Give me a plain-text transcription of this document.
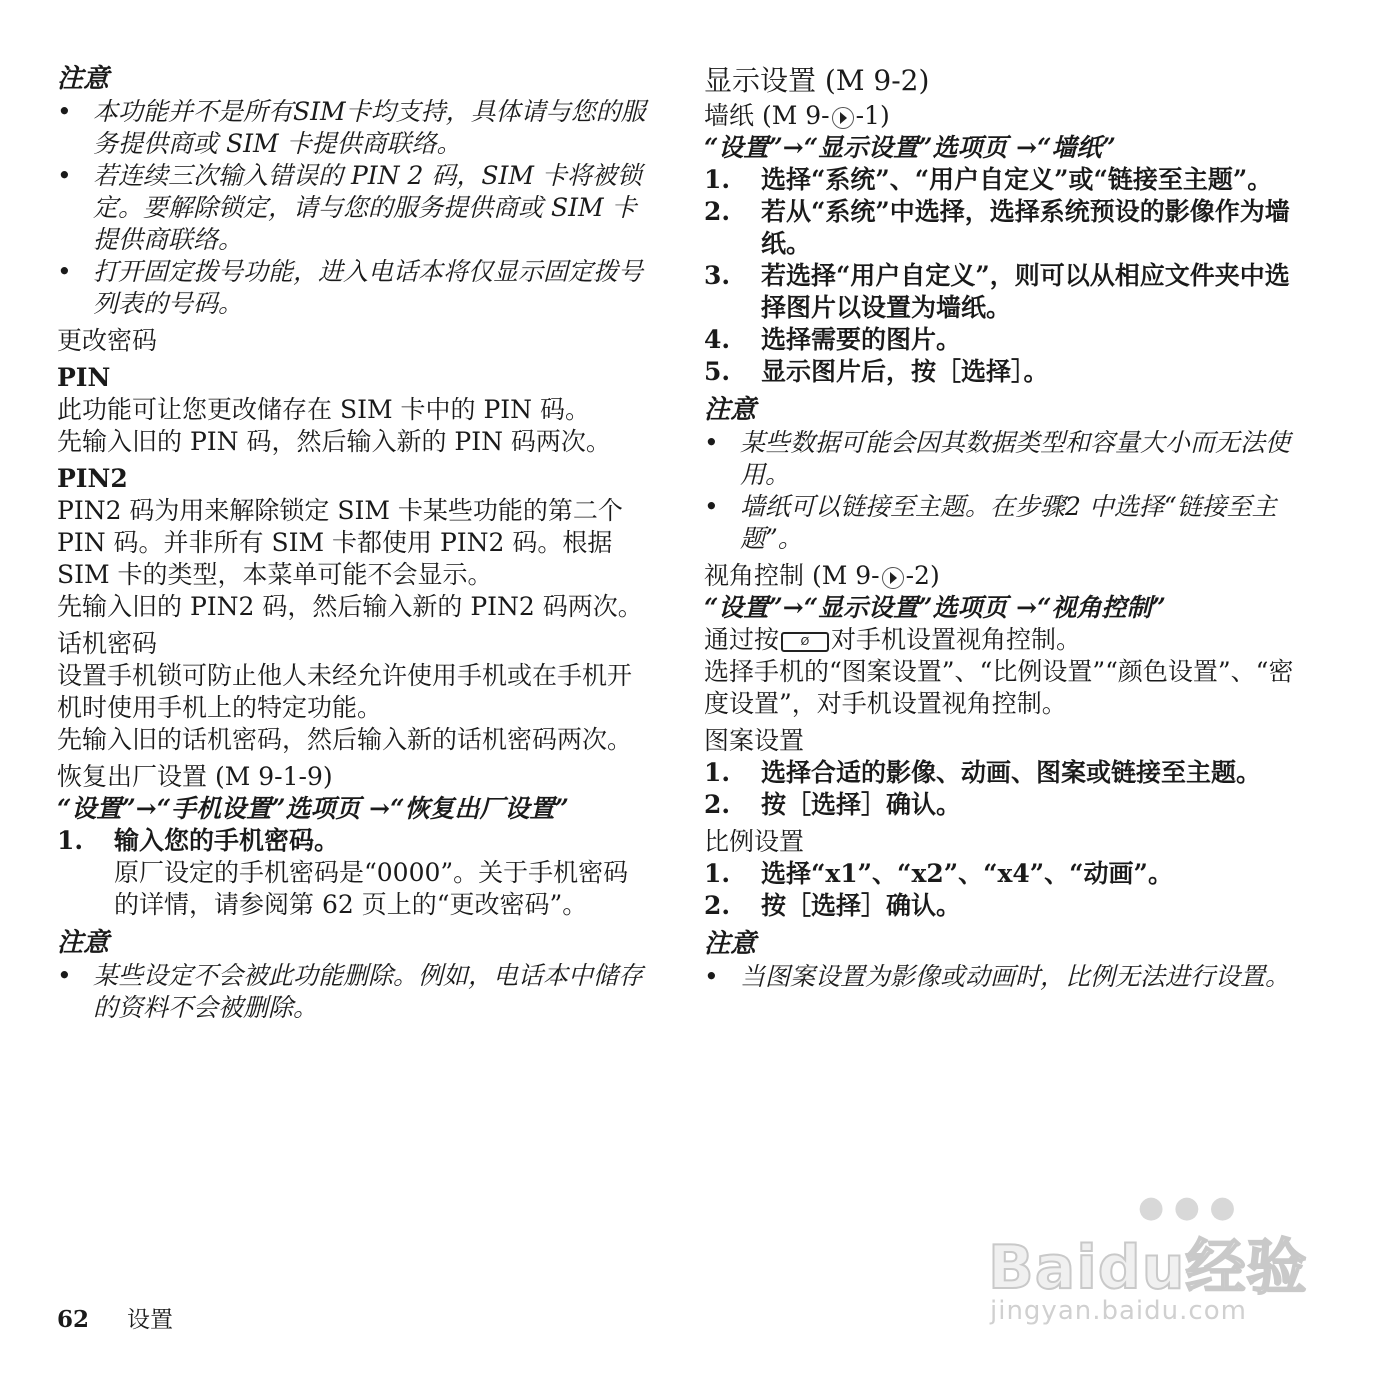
注意
• 本功能并不是所有SIM卡均支持，具体请与您的服务提供商或 SIM 卡提供商联络。
• 若连续三次输入错误的 PIN 2 码，SIM 卡将被锁定。要解除锁定，请与您的服务提供商或 SIM 卡提供商联络。
• 打开固定拨号功能，进入电话本将仅显示固定拨号列表的号码。
更改密码
PIN
此功能可让您更改储存在 SIM 卡中的 PIN 码。
先输入旧的 PIN 码，然后输入新的 PIN 码两次。
PIN2
PIN2 码为用来解除锁定 SIM 卡某些功能的第二个 PIN 码。并非所有 SIM 卡都使用 PIN2 码。根据 SIM 卡的类型，本菜单可能不会显示。
先输入旧的 PIN2 码，然后输入新的 PIN2 码两次。
话机密码
设置手机锁可防止他人未经允许使用手机或在手机开机时使用手机上的特定功能。
先输入旧的话机密码，然后输入新的话机密码两次。
恢复出厂设置 (M 9-1-9)
“设置”→“手机设置”选项页 →“恢复出厂设置”
1.	输入您的手机密码。
原厂设定的手机密码是“0000”。关于手机密码的详情，请参阅第 62 页上的“更改密码”。
注意
• 某些设定不会被此功能删除。例如，电话本中储存的资料不会被删除。
显示设置 (M 9-2)
墙纸 (M 9- -1)
“设置”→“显示设置”选项页 →“墙纸”
1.	选择“系统”、“用户自定义”或“链接至主题”。
2.	若从“系统”中选择，选择系统预设的影像作为墙纸。
3.	若选择“用户自定义”，则可以从相应文件夹中选择图片以设置为墙纸。
4.	选择需要的图片。
5.	显示图片后，按［选择］。
注意
• 某些数据可能会因其数据类型和容量大小而无法使用。
• 墙纸可以链接至主题。在步骤2 中选择“链接至主题”。
视角控制 (M 9- -2)
“设置”→“显示设置”选项页 →“视角控制”
通过按 Ø 对手机设置视角控制。
选择手机的“图案设置”、“比例设置”“颜色设置”、“密度设置”，对手机设置视角控制。
图案设置
1.	选择合适的影像、动画、图案或链接至主题。
2.	按［选择］确认。
比例设置
1.	选择“x1”、“x2”、“x4”、“动画”。
2.	按［选择］确认。
注意
• 当图案设置为影像或动画时，比例无法进行设置。
62 设置
● ● ●
Baidu经验
jingyan.baidu.com
